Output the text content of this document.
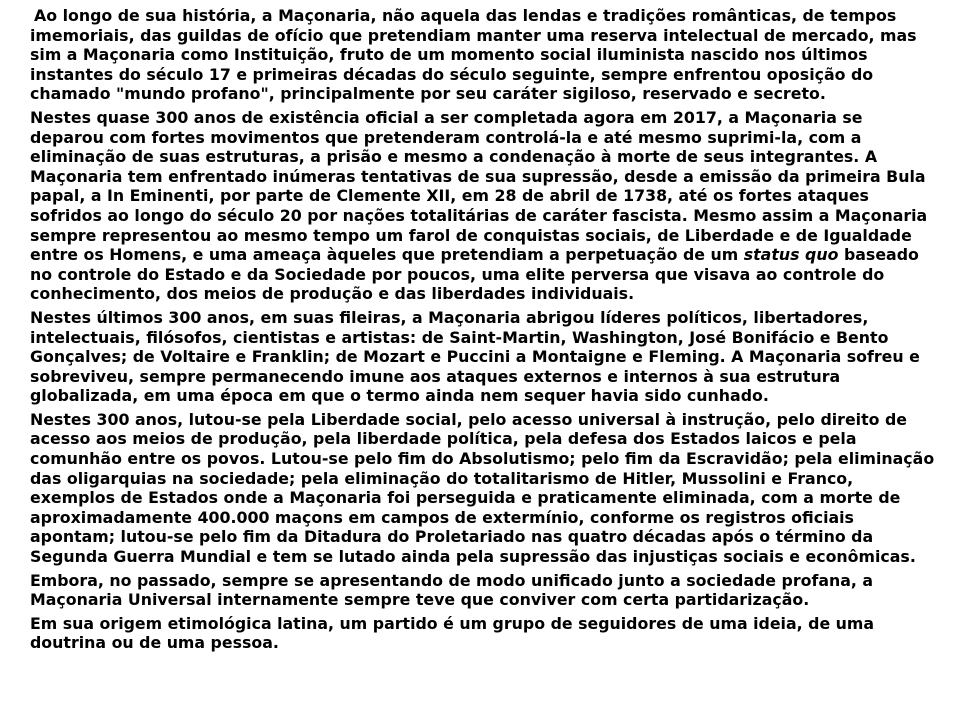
Ao longo de sua história, a Maçonaria, não aquela das lendas e tradições românticas, de tempos imemoriais, das guildas de ofício que pretendiam manter uma reserva intelectual de mercado, mas sim a Maçonaria como Instituição, fruto de um momento social iluminista nascido nos últimos instantes do século 17 e primeiras décadas do século seguinte, sempre enfrentou oposição do chamado "mundo profano", principalmente por seu caráter sigiloso, reservado e secreto.

Nestes quase 300 anos de existência oficial a ser completada agora em 2017, a Maçonaria se deparou com fortes movimentos que pretenderam controlá-la e até mesmo suprimi-la, com a eliminação de suas estruturas, a prisão e mesmo a condenação à morte de seus integrantes. A Maçonaria tem enfrentado inúmeras tentativas de sua supressão, desde a emissão da primeira Bula papal, a In Eminenti, por parte de Clemente XII, em 28 de abril de 1738, até os fortes ataques sofridos ao longo do século 20 por nações totalitárias de caráter fascista. Mesmo assim a Maçonaria sempre representou ao mesmo tempo um farol de conquistas sociais, de Liberdade e de Igualdade entre os Homens, e uma ameaça àqueles que pretendiam a perpetuação de um status quo baseado no controle do Estado e da Sociedade por poucos, uma elite perversa que visava ao controle do conhecimento, dos meios de produção e das liberdades individuais.

Nestes últimos 300 anos, em suas fileiras, a Maçonaria abrigou líderes políticos, libertadores, intelectuais, filósofos, cientistas e artistas: de Saint-Martin, Washington, José Bonifácio e Bento Gonçalves; de Voltaire e Franklin; de Mozart e Puccini a Montaigne e Fleming. A Maçonaria sofreu e sobreviveu, sempre permanecendo imune aos ataques externos e internos à sua estrutura globalizada, em uma época em que o termo ainda nem sequer havia sido cunhado.

Nestes 300 anos, lutou-se pela Liberdade social, pelo acesso universal à instrução, pelo direito de acesso aos meios de produção, pela liberdade política, pela defesa dos Estados laicos e pela comunhão entre os povos. Lutou-se pelo fim do Absolutismo; pelo fim da Escravidão; pela eliminação das oligarquias na sociedade; pela eliminação do totalitarismo de Hitler, Mussolini e Franco, exemplos de Estados onde a Maçonaria foi perseguida e praticamente eliminada, com a morte de aproximadamente 400.000 maçons em campos de extermínio, conforme os registros oficiais apontam; lutou-se pelo fim da Ditadura do Proletariado nas quatro décadas após o término da Segunda Guerra Mundial e tem se lutado ainda pela supressão das injustiças sociais e econômicas.

Embora, no passado, sempre se apresentando de modo unificado junto a sociedade profana, a Maçonaria Universal internamente sempre teve que conviver com certa partidarização.

Em sua origem etimológica latina, um partido é um grupo de seguidores de uma ideia, de uma doutrina ou de uma pessoa.
